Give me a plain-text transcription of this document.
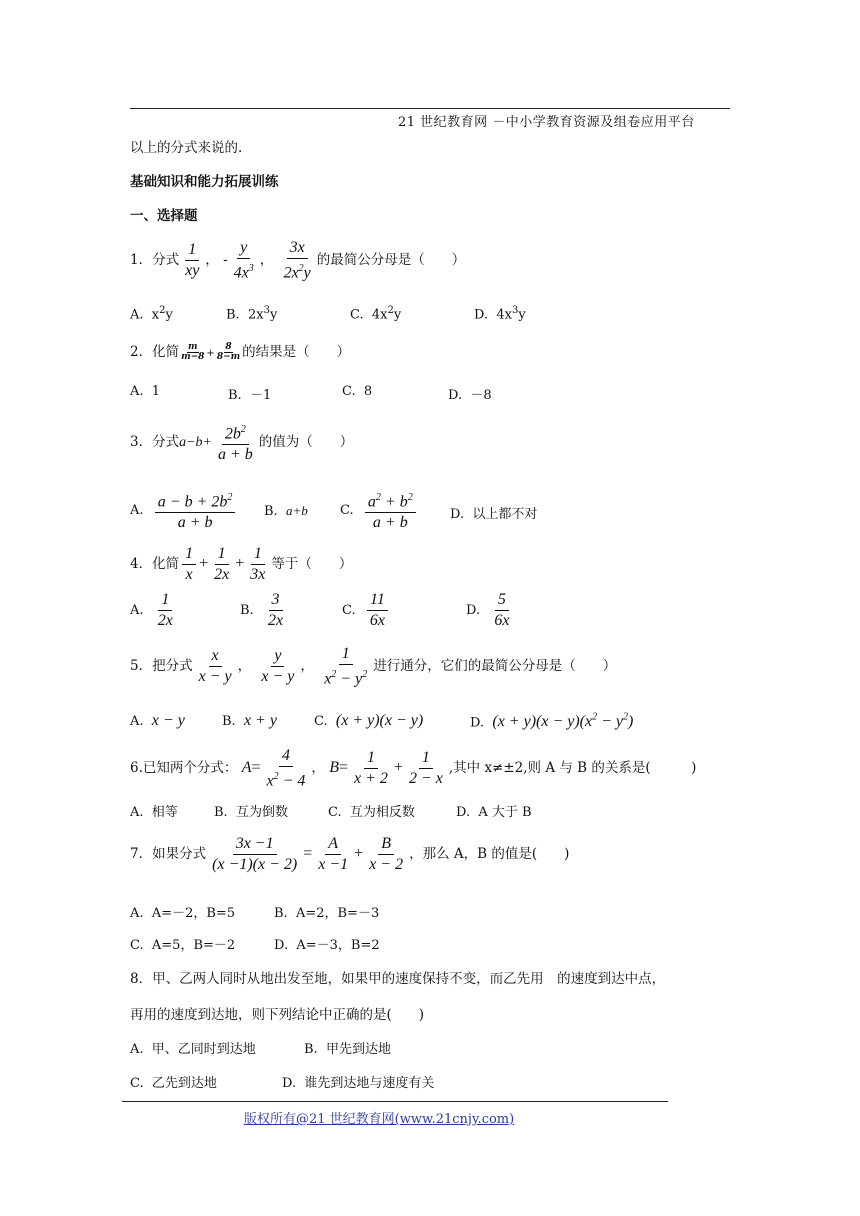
21 世纪教育网 －中小学教育资源及组卷应用平台
以上的分式来说的.
基础知识和能力拓展训练
一、选择题
1．分式 $\frac{1}{xy}$ ， - $\frac{y}{4x^3}$ ， $\frac{3x}{2x^2y}$ 的最简公分母是（　　）
A. $x^2y$	B. $2x^3y$	C. $4x^2y$	D. $4x^3y$
2．化简 $\frac{m}{m-8} + \frac{8}{8-m}$ 的结果是（　　）
A. 1	B. －1	C. 8	D. －8
3．分式$a-b+ \frac{2b^2}{a + b}$ 的值为（　　）
A. $\frac{a - b + 2b^2}{a + b} B$. a+b C. $\frac{a^2 + b^2}{a + b}$	D. 以上都不对
4．化简 $\frac{1}{x} + \frac{1}{2x} + \frac{1}{3x}$ 等于（　　）
A. $\frac{1}{2x}$	B. $\frac{3}{2x}$	C. $\frac{11}{6x}$	D. $\frac{5}{6x}$
5．把分式 $\frac{x}{x - y}$ ， $\frac{y}{x - y}$ ， $\frac{1}{x^2 - y^2}$ 进行通分，它们的最简公分母是（　　）
A. x − y	B. x + y	C. (x + y)(x − y)	D. $(x + y)(x - y)(x^2 - y^2)$
6.已知两个分式： $A= \frac{4}{x^2 - 4}$ ， $B= \frac{1}{x + 2} + \frac{1}{2 - x}$ ,其中 x≠±2,则 A 与 B 的关系是(　　　)
A. 相等	B. 互为倒数	C. 互为相反数	D. A 大于 B
7．如果分式 $\frac{3x -1}{(x -1)(x - 2)} = \frac{A}{x -1} + \frac{B}{x - 2}$ ，那么 A，B 的值是(　　)
A. A=－2，B=5	B. A=2，B=－3
C. A=5，B=－2	D. A=－3，B=2
8．甲、乙两人同时从地出发至地，如果甲的速度保持不变，而乙先用　的速度到达中点，
再用的速度到达地，则下列结论中正确的是(　　)
A. 甲、乙同时到达地	B. 甲先到达地
C. 乙先到达地	D. 谁先到达地与速度有关
版权所有@21 世纪教育网(www.21cnjy.com)
